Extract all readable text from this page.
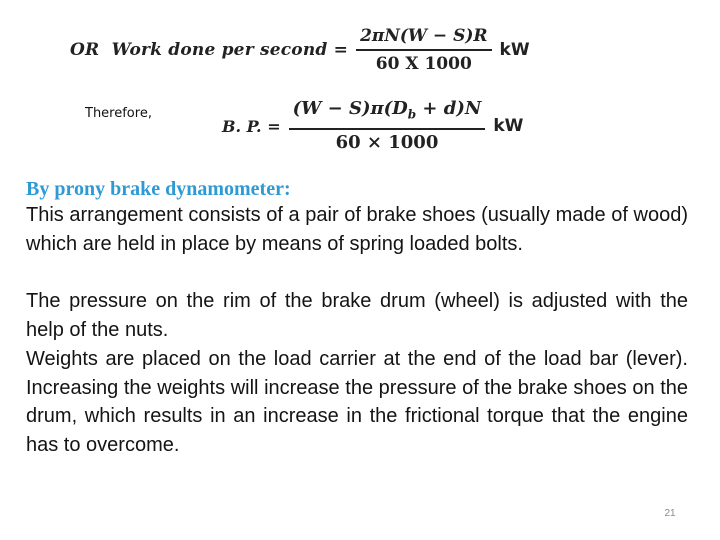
OR  Work done per second = $\frac{2\pi N(W - S)R}{60 X 1000}$ kW
Therefore,
B. P. = $\frac{(W - S)\pi(D_b + d)N}{60 \times 1000}$ kW
By prony brake dynamometer:

This arrangement consists of a pair of brake shoes (usually made of wood) which are held in place by means of spring loaded bolts.

The pressure on the rim of the brake drum (wheel) is adjusted with the help of the nuts.

Weights are placed on the load carrier at the end of the load bar (lever). Increasing the weights will increase the pressure of the brake shoes on the drum, which results in an increase in the frictional torque that the engine has to overcome.

21
